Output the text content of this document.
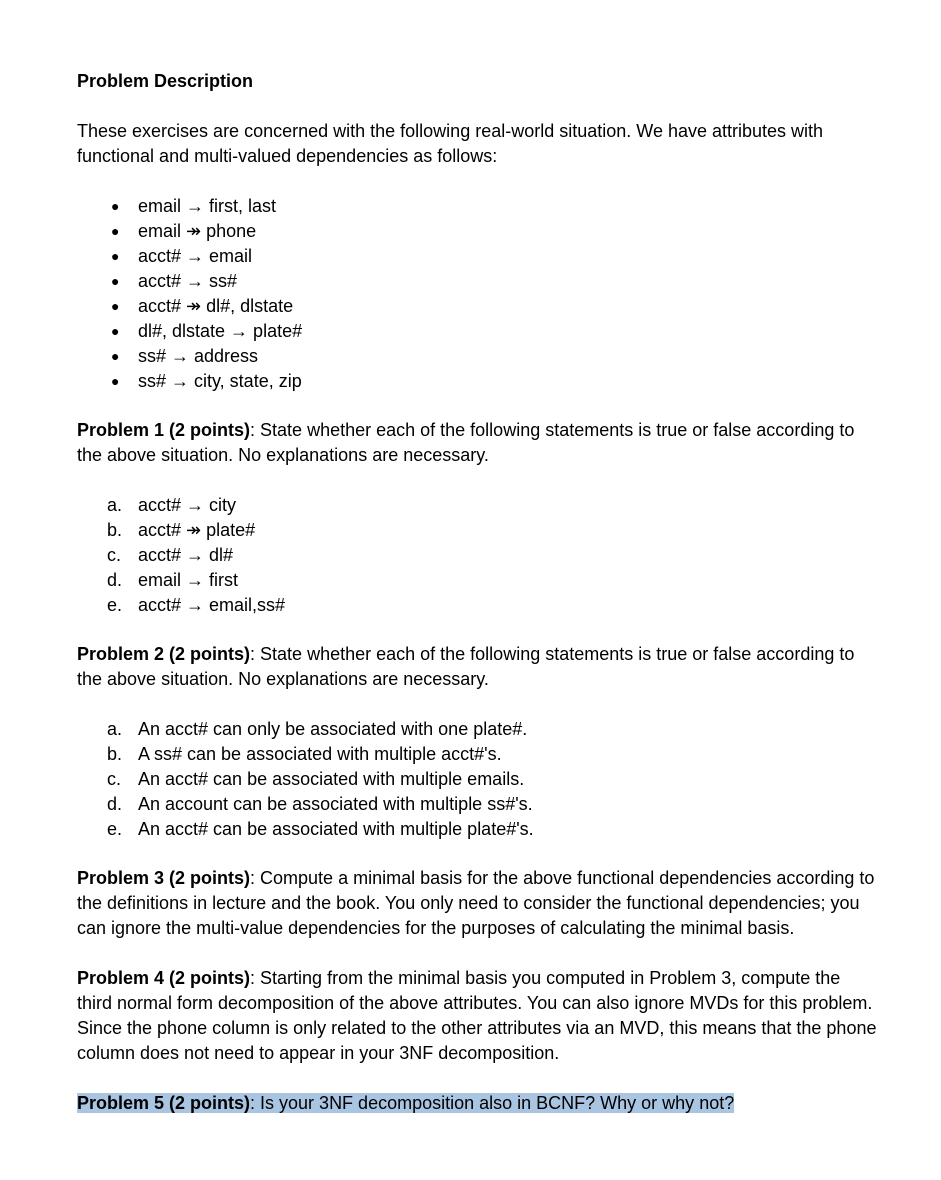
Problem Description

These exercises are concerned with the following real-world situation. We have attributes with functional and multi-valued dependencies as follows:

●	email → first, last
●	email ↠ phone
●	acct# → email
●	acct# → ss#
●	acct# ↠ dl#, dlstate
●	dl#, dlstate → plate#
●	ss# → address
●	ss# → city, state, zip

Problem 1 (2 points): State whether each of the following statements is true or false according to the above situation. No explanations are necessary.

a. acct# → city
b. acct# ↠ plate#
c. acct# → dl#
d. email → first
e. acct# → email,ss#

Problem 2 (2 points): State whether each of the following statements is true or false according to the above situation. No explanations are necessary.

a. An acct# can only be associated with one plate#.
b. A ss# can be associated with multiple acct#'s.
c. An acct# can be associated with multiple emails.
d. An account can be associated with multiple ss#'s.
e. An acct# can be associated with multiple plate#'s.

Problem 3 (2 points): Compute a minimal basis for the above functional dependencies according to the definitions in lecture and the book. You only need to consider the functional dependencies; you can ignore the multi-value dependencies for the purposes of calculating the minimal basis.

Problem 4 (2 points): Starting from the minimal basis you computed in Problem 3, compute the third normal form decomposition of the above attributes. You can also ignore MVDs for this problem. Since the phone column is only related to the other attributes via an MVD, this means that the phone column does not need to appear in your 3NF decomposition.

Problem 5 (2 points): Is your 3NF decomposition also in BCNF? Why or why not?
